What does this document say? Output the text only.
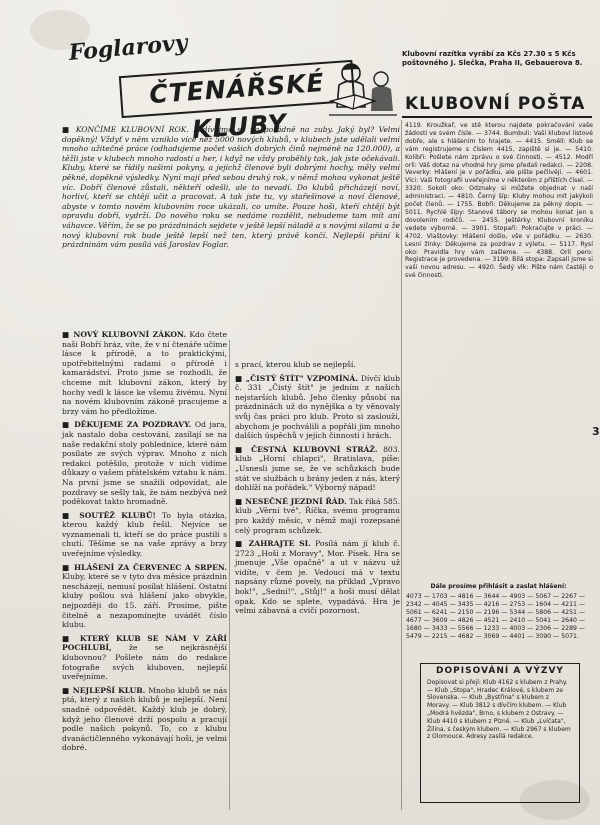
Foglarovy
ČTENÁŘSKÉ KLUBY
Klubovní razítka vyrábí za Kčs 27.30 s 5 Kčs poštovného J. Slečka, Praha II, Gebauerova 8.
KLUBOVNÍ POŠTA

■ KONČÍME KLUBOVNÍ ROK. Podívejme se na pořádně na zuby. Jaký byl? Velmi dopěkný! Vždyť v něm vzniklo více než 5000 nových klubů, v klubech jste udělali velmi mnoho užitečné práce (odhadujeme počet vašich dobrých činů nejméně na 120.000), a těžli jste v klubech mnoho radostí a her, i když ne vždy proběhly tak, jak jste očekávali. Kluby, které se řídily našimi pokyny, a jejichž členové byli dobrými hochy, měly velmi pěkné, dopěkné výsledky. Nyní mají před sebou druhý rok, v němž mohou vykonat ještě víc. Dobří členové zůstali, někteří odešli, ale to nevadí. Do klubů přicházejí noví, horliví, kteří se chtějí učit a pracovat. A tak jste tu, vy stařešinové a noví členové, abyste v tomto novém klubovním roce ukázali, co umíte. Pouze hoši, kteří chtějí být opravdu dobří, vydrží. Do nového roku se nedáme rozdělit, nebudeme tam mít ani váhavce. Věřím, že se po prázdninách sejdete v ještě lepší náladě a s novými silami a že nový klubovní rok bude ještě lepší než ten, který právě končí. Nejlepší přání k prázdninám vám posílá váš Jaroslav Foglar.

■ NOVÝ KLUBOVNÍ ZÁKON. Kdo čtete naši Bobří hráz, víte, že v ní čtenáře učíme lásce k přírodě, a to praktickými, upotřebitelnými radami o přírodě i kamarádství. Proto jsme se rozhodli, že chceme mít klubovní zákon, který by hochy vedl k lásce ke všemu živému. Nyní na novém klubovním zákoně pracujeme a brzy vám ho předložíme.

■ DĚKUJEME ZA POZDRAVY. Od jara, jak nastalo doba cestování, zasílají se na naše redakční stoly pohlednice, které nám posílate ze svých výprav. Mnoho z nich redakci potěšilo, protože v nich vidíme důkazy o vašem přátelském vztahu k nám. Na první jsme se snažili odpovídat, ale pozdravy se sešly tak, že nám nezbývá než poděkovat takto hromadně.

■ SOUTĚŽ KLUBŮ! To byla otázka, kterou každý klub řešil. Nejvíce se vyznamenali ti, kteří se do práce pustili s chutí. Těšíme se na vaše zprávy a brzy uveřejníme výsledky.

■ HLÁŠENÍ ZA ČERVENEC A SRPEN. Kluby, které se v tyto dva měsíce prázdnin nescházejí, nemusí posílat hlášení. Ostatní kluby pošlou svá hlášení jako obvykle, nejpozději do 15. září. Prosíme, pište čitelně a nezapomínejte uvádět číslo klubu.

■ KTERÝ KLUB SE NÁM V ZÁŘÍ POCHLUBÍ, že se nejkrásnější klubovnou? Pošlete nám do redakce fotografie svých kluboven, nejlepší uveřejníme.

■ NEJLEPŠÍ KLUB. Mnoho klubů se nás ptá, který z našich klubů je nejlepší. Není snadné odpovědět. Každý klub je dobrý, když jeho členové drží pospolu a pracují podle našich pokynů. To, co z klubu dvanáctičlenného vykonávají hoši, je velmi dobré.

s prací, kterou klub se nejlepší.

■ „ČISTÝ ŠTÍT" VZPOMÍNÁ. Dívčí klub č. 331 „Čistý štít" je jedním z našich nejstarších klubů. Jeho členky působí na prázdninách už do nynějška a ty věnovaly svůj čas práci pro klub. Proto si zaslouží, abychom je pochválili a popřáli jim mnoho dalších úspěchů v jejich činnosti i hrách.

■ ČESTNÁ KLUBOVNÍ STRÁŽ. 803. klub „Horní chlapci", Bratislava, píše: „Usnesli jsme se, že ve schůzkách bude stát ve službách u brány jeden z nás, který dohlíží na pořádek." Výborný nápad!

■ NESEČNÉ JEZDNÍ ŘÁD. Tak říká 585. klub „Věrní tvé", Říčka, svému programu pro každý měsíc, v němž mají rozepsané celý program schůzek.

■ ZAHRAJTE SI. Posílá nám jí klub č. 2723 „Hoši z Moravy", Mor. Písek. Hra se jmenuje „Vše opačně" a ut v názvu už vidíte, v čem je. Vedoucí má v textu napsány různé povely, na příklad „Vpravo bok!", „Sedni!", „Stůj!" a hoši musí dělat opak. Kdo se splete, vypadává. Hra je velmi zábavná a cvičí pozornost.

4119. Kroužkař, ve stě kterou najdete pokračování vaše žádosti ve svém čísle. — 3744. Bumbuli: Vaši kluboví listové dobře, ale s hlášením to hrajete. — 4415. Smělí: Klub se vám registrujeme s číslem 4415, zapiště si je. — 5410. Kolibři: Pošlete nám zprávu o své činnosti. — 4512. Modří orli: Váš dotaz na vhodné hry jsme předali redakci. — 2208. Veverky: Hlášení je v pořádku, ale pište pečlivěji. — 4601. Vlci: Vaši fotografii uveřejníme v některém z příštích čísel. — 3320. Sokolí oko: Odznaky si můžete objednat v naší administraci. — 4810. Černý šíp: Kluby mohou mít jakýkoli počet členů. — 1755. Bobři: Děkujeme za pěkný dopis. — 5011. Rychlé šípy: Stanové tábory se mohou konat jen s dovolením rodičů. — 2455. Ještěrky: Klubovní kroniku vedete výborně. — 3901. Stopaři: Pokračujte v práci. — 4702. Vlaštovky: Hlášení došlo, vše v pořádku. — 2630. Lesní žínky: Děkujeme za pozdrav z výletu. — 5117. Rysí oko: Pravidla hry vám zašleme. — 4388. Orlí pero: Registrace je provedena. — 3199. Bílá stopa: Zapsali jsme si vaši novou adresu. — 4920. Šedý vlk: Pište nám častěji o své činnosti.

Dále prosíme přihlásit a zaslat hlášení:
4073 — 1703 — 4816 — 3644 — 4903 — 5067 — 2267 — 2342 — 4045 — 3435 — 4216 — 2753 — 1604 — 4211 — 5061 — 6241 — 2150 — 2196 — 5344 — 5806 — 4251 — 4677 — 3609 — 4826 — 4521 — 2410 — 5041 — 2640 — 1680 — 3433 — 5566 — 1233 — 4003 — 2306 — 2289 — 5479 — 2215 — 4682 — 3069 — 4401 — 3090 — 5071.
DOPISOVÁNÍ A VÝZVY
Dopisovat si přejí: Klub 4162 s klubem z Prahy. — Klub „Stopa", Hradec Králové, s klubem ze Slovenska. — Klub „Bystřina" s klubem z Moravy. — Klub 3812 s dívčím klubem. — Klub „Modrá hvězda", Brno, s klubem z Ostravy. — Klub 4410 s klubem z Plzně. — Klub „Lvíčata", Žilina, s českým klubem. — Klub 2967 s klubem z Olomouce. Adresy zasílá redakce.
3
